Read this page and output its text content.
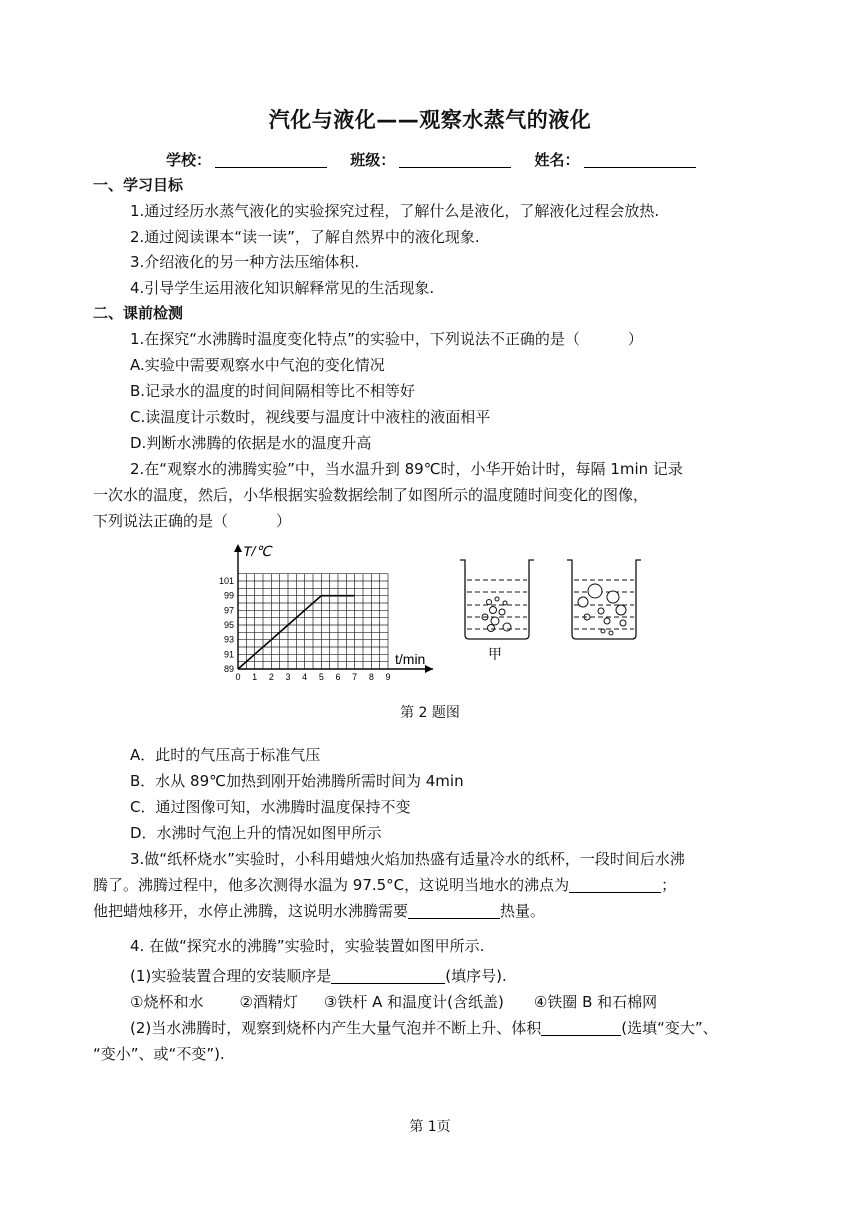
汽化与液化——观察水蒸气的液化
学校：	班级：	姓名：
一、学习目标
1.通过经历水蒸气液化的实验探究过程，了解什么是液化，了解液化过程会放热.
2.通过阅读课本“读一读”，了解自然界中的液化现象.
3.介绍液化的另一种方法压缩体积.
4.引导学生运用液化知识解释常见的生活现象.
二、课前检测
1.在探究“水沸腾时温度变化特点”的实验中，下列说法不正确的是（	）
A.实验中需要观察水中气泡的变化情况
B.记录水的温度的时间间隔相等比不相等好
C.读温度计示数时，视线要与温度计中液柱的液面相平
D.判断水沸腾的依据是水的温度升高
2.在“观察水的沸腾实验”中，当水温升到 89℃时，小华开始计时，每隔 1min 记录
一次水的温度，然后，小华根据实验数据绘制了如图所示的温度随时间变化的图像，
下列说法正确的是（	）
0 1 2 3 4 5 6 7 8 9
89
91
93
95
97
99
101
T/℃
t/min	甲
第 2 题图
A．此时的气压高于标准气压
B．水从 89℃加热到刚开始沸腾所需时间为 4min
C．通过图像可知，水沸腾时温度保持不变
D．水沸时气泡上升的情况如图甲所示
3.做“纸杯烧水”实验时，小科用蜡烛火焰加热盛有适量冷水的纸杯，一段时间后水沸
腾了。沸腾过程中，他多次测得水温为 97.5°C，这说明当地水的沸点为	；
他把蜡烛移开，水停止沸腾，这说明水沸腾需要	热量。
4. 在做“探究水的沸腾”实验时，实验装置如图甲所示.
(1)实验装置合理的安装顺序是	(填序号).
①烧杯和水 ②酒精灯 ③铁杆 A 和温度计(含纸盖) ④铁圈 B 和石棉网
(2)当水沸腾时，观察到烧杯内产生大量气泡并不断上升、体积	(选填“变大”、
“变小”、或“不变”).
第 1页
